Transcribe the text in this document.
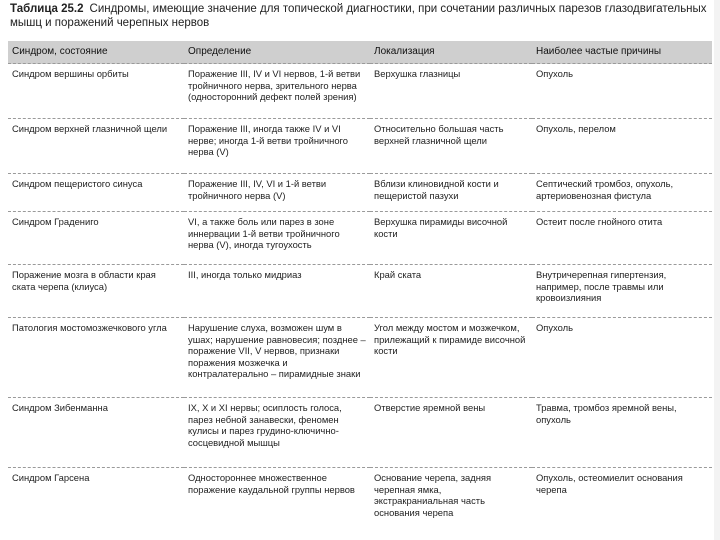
Таблица 25.2 Синдромы, имеющие значение для топической диагностики, при сочетании различных парезов глазодвигательных мышц и поражений черепных нервов
Синдром, состояние	Определение	Локализация	Наиболее частые причины
Синдром вершины орбиты	Поражение III, IV и VI нервов, 1-й ветви тройничного нерва, зрительного нерва (односторонний дефект полей зрения)	Верхушка глазницы	Опухоль
Синдром верхней глазничной щели	Поражение III, иногда также IV и VI нерве; иногда 1-й ветви тройничного нерва (V)	Относительно большая часть верхней глазничной щели	Опухоль, перелом
Синдром пещеристого синуса	Поражение III, IV, VI и 1-й ветви тройничного нерва (V)	Вблизи клиновидной кости и пещеристой пазухи	Септический тромбоз, опухоль, артериовенозная фистула
Синдром Градениго	VI, а также боль или парез в зоне иннервации 1-й ветви тройничного нерва (V), иногда тугоухость	Верхушка пирамиды височной кости	Остеит после гнойного отита
Поражение мозга в области края ската черепа (клиуса)	III, иногда только мидриаз	Край ската	Внутричерепная гипертензия, например, после травмы или кровоизлияния
Патология мостомозжечкового угла	Нарушение слуха, возможен шум в ушах; нарушение равновесия; позднее – поражение VII, V нервов, признаки поражения мозжечка и контралатерально – пирамидные знаки	Угол между мостом и мозжечком, прилежащий к пирамиде височной кости	Опухоль
Синдром Зибенманна	IX, X и XI нервы; осиплость голоса, парез небной занавески, феномен кулисы и парез грудино-ключично-сосцевидной мышцы	Отверстие яремной вены	Травма, тромбоз яремной вены, опухоль
Синдром Гарсена	Одностороннее множественное поражение каудальной группы нервов	Основание черепа, задняя черепная ямка, экстракраниальная часть основания черепа	Опухоль, остеомиелит основания черепа
